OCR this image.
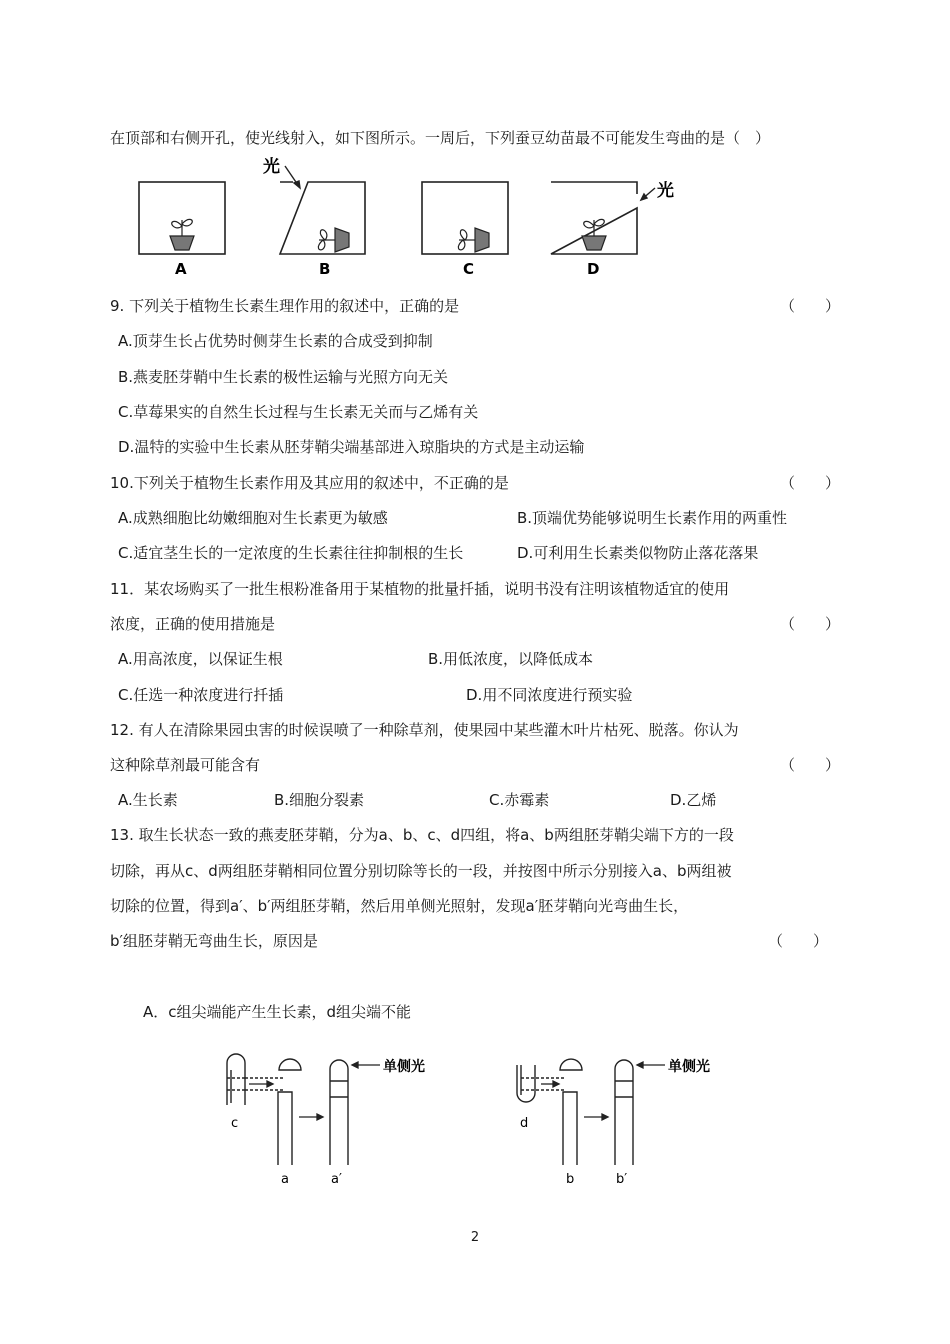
在顶部和右侧开孔，使光线射入，如下图所示。一周后，下列蚕豆幼苗最不可能发生弯曲的是（　）
光
光
A	B	C	D
9. 下列关于植物生长素生理作用的叙述中，正确的是	（　　）
A.顶芽生长占优势时侧芽生长素的合成受到抑制
B.燕麦胚芽鞘中生长素的极性运输与光照方向无关
C.草莓果实的自然生长过程与生长素无关而与乙烯有关
D.温特的实验中生长素从胚芽鞘尖端基部进入琼脂块的方式是主动运输
10.下列关于植物生长素作用及其应用的叙述中，不正确的是	（　　）
A.成熟细胞比幼嫩细胞对生长素更为敏感	B.顶端优势能够说明生长素作用的两重性
C.适宜茎生长的一定浓度的生长素往往抑制根的生长	D.可利用生长素类似物防止落花落果
11．某农场购买了一批生根粉准备用于某植物的批量扦插，说明书没有注明该植物适宜的使用
浓度，正确的使用措施是	（　　）
A.用高浓度，以保证生根	B.用低浓度，以降低成本
C.任选一种浓度进行扦插	D.用不同浓度进行预实验
12. 有人在清除果园虫害的时候误喷了一种除草剂，使果园中某些灌木叶片枯死、脱落。你认为
这种除草剂最可能含有	（　　）
A.生长素	B.细胞分裂素	C.赤霉素	D.乙烯
13. 取生长状态一致的燕麦胚芽鞘，分为a、b、c、d四组，将a、b两组胚芽鞘尖端下方的一段
切除，再从c、d两组胚芽鞘相同位置分别切除等长的一段，并按图中所示分别接入a、b两组被
切除的位置，得到a′、b′两组胚芽鞘，然后用单侧光照射，发现a′胚芽鞘向光弯曲生长，
b′组胚芽鞘无弯曲生长，原因是	（　　）
A．c组尖端能产生生长素，d组尖端不能
单侧光	单侧光
c
a	a′
d
b	b′
2
